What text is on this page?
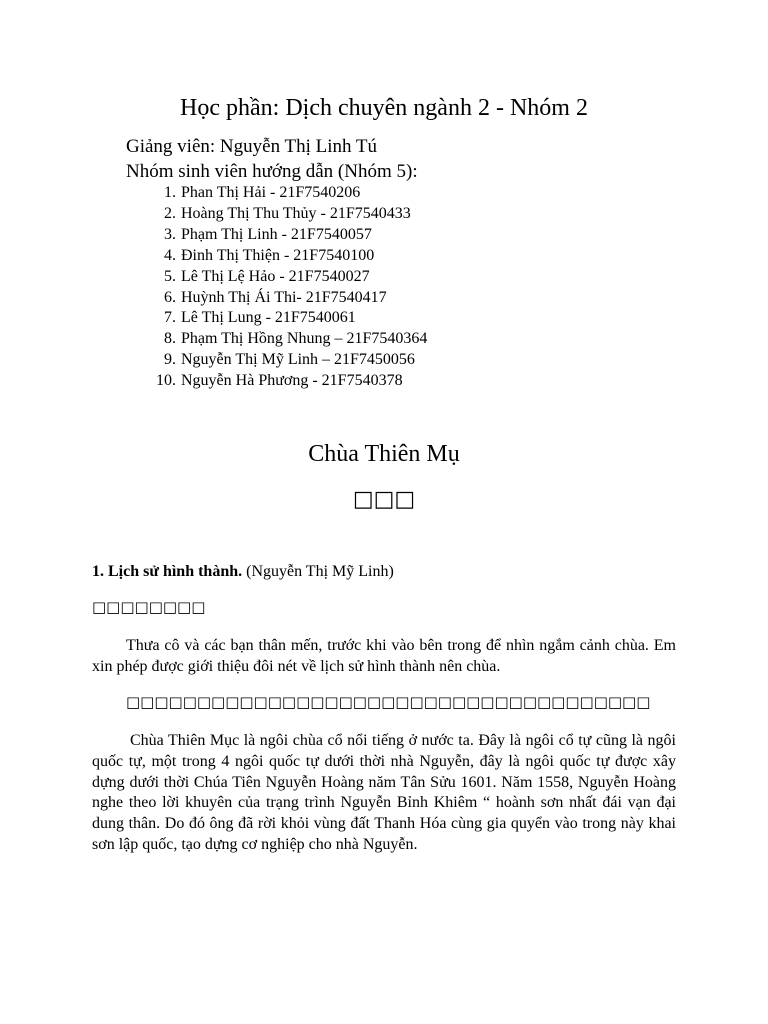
Học phần: Dịch chuyên ngành 2 - Nhóm 2
Giảng viên: Nguyễn Thị Linh Tú
Nhóm sinh viên hướng dẫn (Nhóm 5):
1. Phan Thị Hải - 21F7540206
2. Hoàng Thị Thu Thủy - 21F7540433
3. Phạm Thị Linh - 21F7540057
4. Đinh Thị Thiện - 21F7540100
5. Lê Thị Lệ Hảo - 21F7540027
6. Huỳnh Thị Ái Thi- 21F7540417
7. Lê Thị Lung - 21F7540061
8. Phạm Thị Hồng Nhung – 21F7540364
9. Nguyễn Thị Mỹ Linh – 21F7450056
10. Nguyễn Hà Phương - 21F7540378
Chùa Thiên Mụ
□□□
1. Lịch sử hình thành. (Nguyễn Thị Mỹ Linh)
□□□□□□□□
Thưa cô và các bạn thân mến, trước khi vào bên trong để nhìn ngắm cảnh chùa. Em xin phép được giới thiệu đôi nét về lịch sử hình thành nên chùa.
□□□□□□□□□□□□□□□□□□□□□□□□□□□□□□□□□□□□□
Chùa Thiên Mục là ngôi chùa cổ nổi tiếng ở nước ta. Đây là ngôi cổ tự cũng là ngôi quốc tự, một trong 4 ngôi quốc tự dưới thời nhà Nguyễn, đây là ngôi quốc tự được xây dựng dưới thời Chúa Tiên Nguyễn Hoàng năm Tân Sửu 1601. Năm 1558, Nguyễn Hoàng nghe theo lời khuyên của trạng trình Nguyễn Bỉnh Khiêm “ hoành sơn nhất đái vạn đại dung thân. Do đó ông đã rời khỏi vùng đất Thanh Hóa cùng gia quyển vào trong này khai sơn lập quốc, tạo dựng cơ nghiệp cho nhà Nguyễn.
